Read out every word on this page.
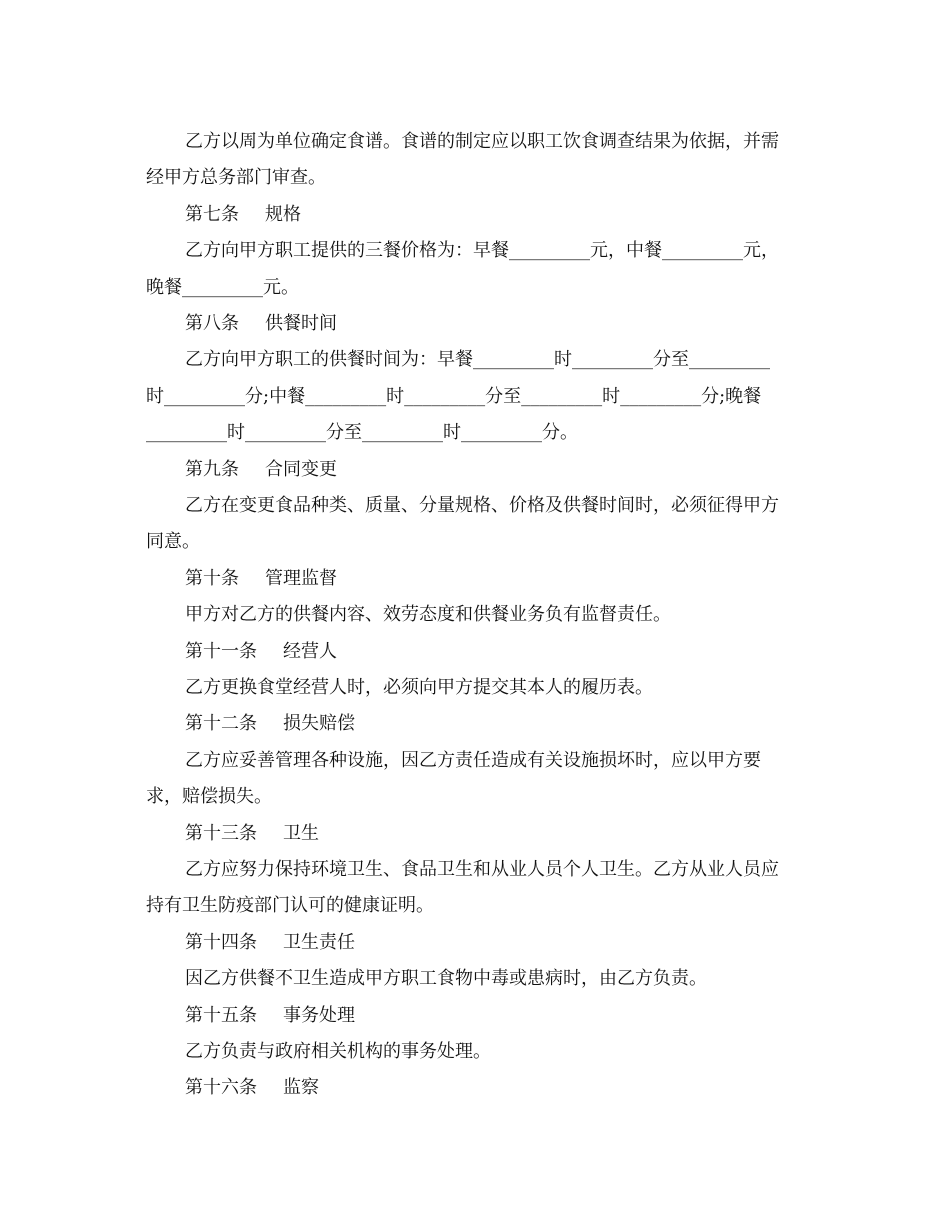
乙方以周为单位确定食谱。食谱的制定应以职工饮食调查结果为依据，并需
经甲方总务部门审查。
第七条 规格
乙方向甲方职工提供的三餐价格为：早餐_________元，中餐_________元，
晚餐_________元。
第八条 供餐时间
乙方向甲方职工的供餐时间为：早餐_________时_________分至_________
时_________分;中餐_________时_________分至_________时_________分;晚餐
_________时_________分至_________时_________分。
第九条 合同变更
乙方在变更食品种类、质量、分量规格、价格及供餐时间时，必须征得甲方
同意。
第十条 管理监督
甲方对乙方的供餐内容、效劳态度和供餐业务负有监督责任。
第十一条 经营人
乙方更换食堂经营人时，必须向甲方提交其本人的履历表。
第十二条 损失赔偿
乙方应妥善管理各种设施，因乙方责任造成有关设施损坏时，应以甲方要
求，赔偿损失。
第十三条 卫生
乙方应努力保持环境卫生、食品卫生和从业人员个人卫生。乙方从业人员应
持有卫生防疫部门认可的健康证明。
第十四条 卫生责任
因乙方供餐不卫生造成甲方职工食物中毒或患病时，由乙方负责。
第十五条 事务处理
乙方负责与政府相关机构的事务处理。
第十六条 监察
